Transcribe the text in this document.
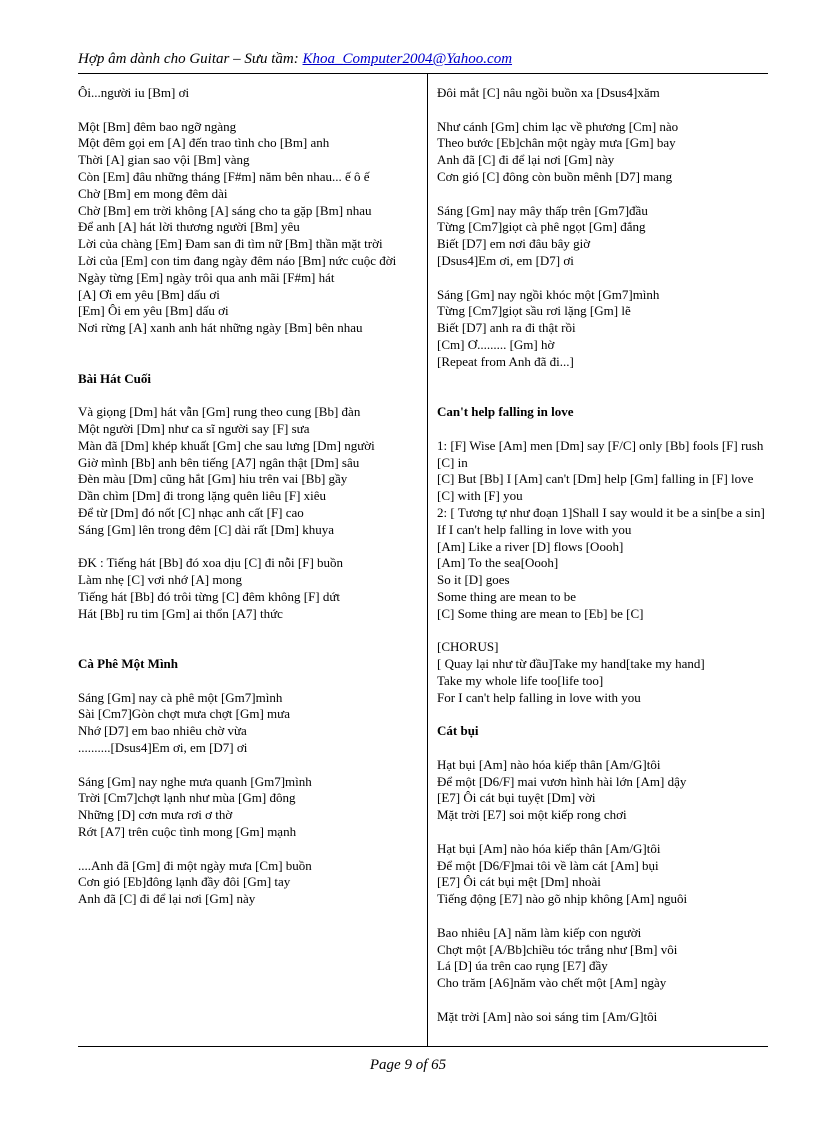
Hợp âm dành cho Guitar – Sưu tầm: Khoa_Computer2004@Yahoo.com
Ôi...người iu [Bm] ơi
Một [Bm] đêm bao ngỡ ngàng
Một đêm gọi em [A] đến trao tình cho [Bm] anh
Thời [A] gian sao vội [Bm] vàng
Còn [Em] đâu những tháng [F#m] năm bên nhau... ế ô ế
Chờ [Bm] em mong đêm dài
Chờ [Bm] em trời không [A] sáng cho ta gặp [Bm] nhau
Để anh [A] hát lời thương người [Bm] yêu
Lời của chàng [Em] Đam san đi tìm nữ [Bm] thần mặt trời
Lời của [Em] con tim đang ngày đêm náo [Bm] nức cuộc đời
Ngày từng [Em] ngày trôi qua anh mãi [F#m] hát
[A] Ơi em yêu [Bm] dấu ơi
[Em] Ôi em yêu [Bm] dấu ơi
Nơi rừng [A] xanh anh hát những ngày [Bm] bên nhau
Bài Hát Cuối
Và giọng [Dm] hát vẫn [Gm] rung theo cung [Bb] đàn
Một người [Dm] như ca sĩ người say [F] sưa
Màn đã [Dm] khép khuất [Gm] che sau lưng [Dm] người
Giờ mình [Bb] anh bên tiếng [A7] ngân thật [Dm] sâu
Đèn màu [Dm] cũng hắt [Gm] hiu trên vai [Bb] gầy
Dần chìm [Dm] đi trong lặng quên liêu [F] xiêu
Để từ [Dm] đó nốt [C] nhạc anh cất [F] cao
Sáng [Gm] lên trong đêm [C] dài rất [Dm] khuya
ĐK : Tiếng hát [Bb] đó xoa dịu [C] đi nỗi [F] buồn
Làm nhẹ [C] vơi nhớ [A] mong
Tiếng hát [Bb] đó trôi từng [C] đêm không [F] dứt
Hát [Bb] ru tim [Gm] ai thổn [A7] thức
Cà Phê Một Mình
Sáng [Gm] nay cà phê một [Gm7]mình
Sài [Cm7]Gòn chợt mưa chợt [Gm] mưa
Nhớ [D7] em bao nhiêu chờ vừa
..........[Dsus4]Em ơi, em [D7] ơi
Sáng [Gm] nay nghe mưa quanh [Gm7]mình
Trời [Cm7]chợt lạnh như mùa [Gm] đông
Những [D] cơn mưa rơi ơ thờ
Rớt [A7] trên cuộc tình mong [Gm] mạnh
....Anh đã [Gm] đi một ngày mưa [Cm] buồn
Cơn gió [Eb]đông lạnh đầy đôi [Gm] tay
Anh đã [C] đi để lại nơi [Gm] này
Đôi mắt [C] nâu ngồi buồn xa [Dsus4]xăm
Như cánh [Gm] chim lạc về phương [Cm] nào
Theo bước [Eb]chân một ngày mưa [Gm] bay
Anh đã [C] đi để lại nơi [Gm] này
Cơn gió [C] đông còn buồn mênh [D7] mang
Sáng [Gm] nay mây thấp trên [Gm7]đầu
Từng [Cm7]giọt cà phê ngọt [Gm] đắng
Biết [D7] em nơi đâu bây giờ
[Dsus4]Em ơi, em [D7] ơi
Sáng [Gm] nay ngồi khóc một [Gm7]mình
Từng [Cm7]giọt sầu rơi lặng [Gm] lẽ
Biết [D7] anh ra đi thật rồi
[Cm] Ơ......... [Gm] hờ
[Repeat from Anh đã đi...]
Can't help falling in love
1: [F] Wise [Am] men [Dm] say [F/C] only [Bb] fools [F] rush [C] in
[C] But [Bb] I [Am] can't [Dm] help [Gm] falling in [F] love [C] with [F] you
2: [ Tương tự như đoạn 1]Shall I say would it be a sin[be a sin]
If I can't help falling in love with you
[Am] Like a river [D] flows [Oooh]
[Am] To the sea[Oooh]
So it [D] goes
Some thing are mean to be
[C] Some thing are mean to [Eb] be [C]
[CHORUS]
[ Quay lại như từ đầu]Take my hand[take my hand]
Take my whole life too[life too]
For I can't help falling in love with you
Cát bụi
Hạt bụi [Am] nào hóa kiếp thân [Am/G]tôi
Để một [D6/F] mai vươn hình hài lớn [Am] dậy
[E7] Ôi cát bụi tuyệt [Dm] vời
Mặt trời [E7] soi một kiếp rong chơi
Hạt bụi [Am] nào hóa kiếp thân [Am/G]tôi
Để một [D6/F]mai tôi về làm cát [Am] bụi
[E7] Ôi cát bụi mệt [Dm] nhoài
Tiếng động [E7] nào gõ nhịp không [Am] nguôi
Bao nhiêu [A] năm làm kiếp con người
Chợt một [A/Bb]chiều tóc trắng như [Bm] vôi
Lá [D] úa trên cao rụng [E7] đầy
Cho trăm [A6]năm vào chết một [Am] ngày
Mặt trời [Am] nào soi sáng tim [Am/G]tôi
Page 9 of 65
